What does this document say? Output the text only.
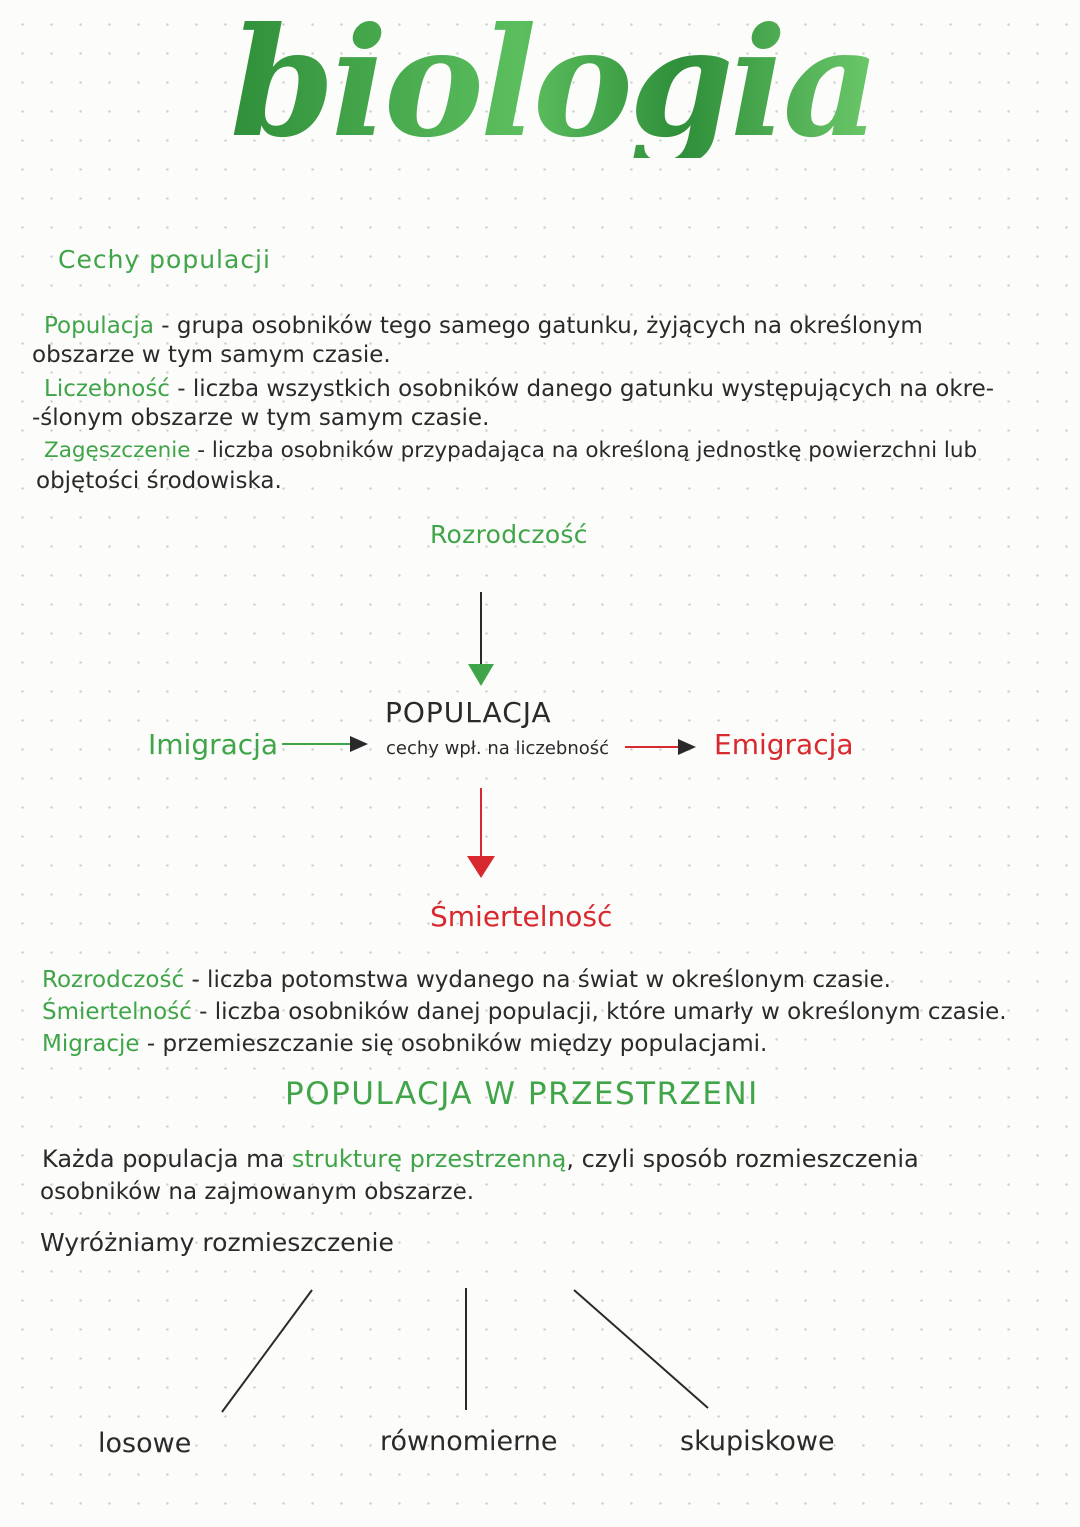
biologia
Cechy populacji
Populacja - grupa osobników tego samego gatunku, żyjących na określonym
obszarze w tym samym czasie.
Liczebność - liczba wszystkich osobników danego gatunku występujących na okre-
-ślonym obszarze w tym samym czasie.
Zagęszczenie - liczba osobników przypadająca na określoną jednostkę powierzchni lub
objętości środowiska.
Rozrodczość
POPULACJA
cechy wpł. na liczebność
Imigracja	Emigracja
Śmiertelność
Rozrodczość - liczba potomstwa wydanego na świat w określonym czasie.
Śmiertelność - liczba osobników danej populacji, które umarły w określonym czasie.
Migracje - przemieszczanie się osobników między populacjami.
POPULACJA W PRZESTRZENI
Każda populacja ma strukturę przestrzenną, czyli sposób rozmieszczenia
osobników na zajmowanym obszarze.
Wyróżniamy rozmieszczenie
losowe	równomierne	skupiskowe
